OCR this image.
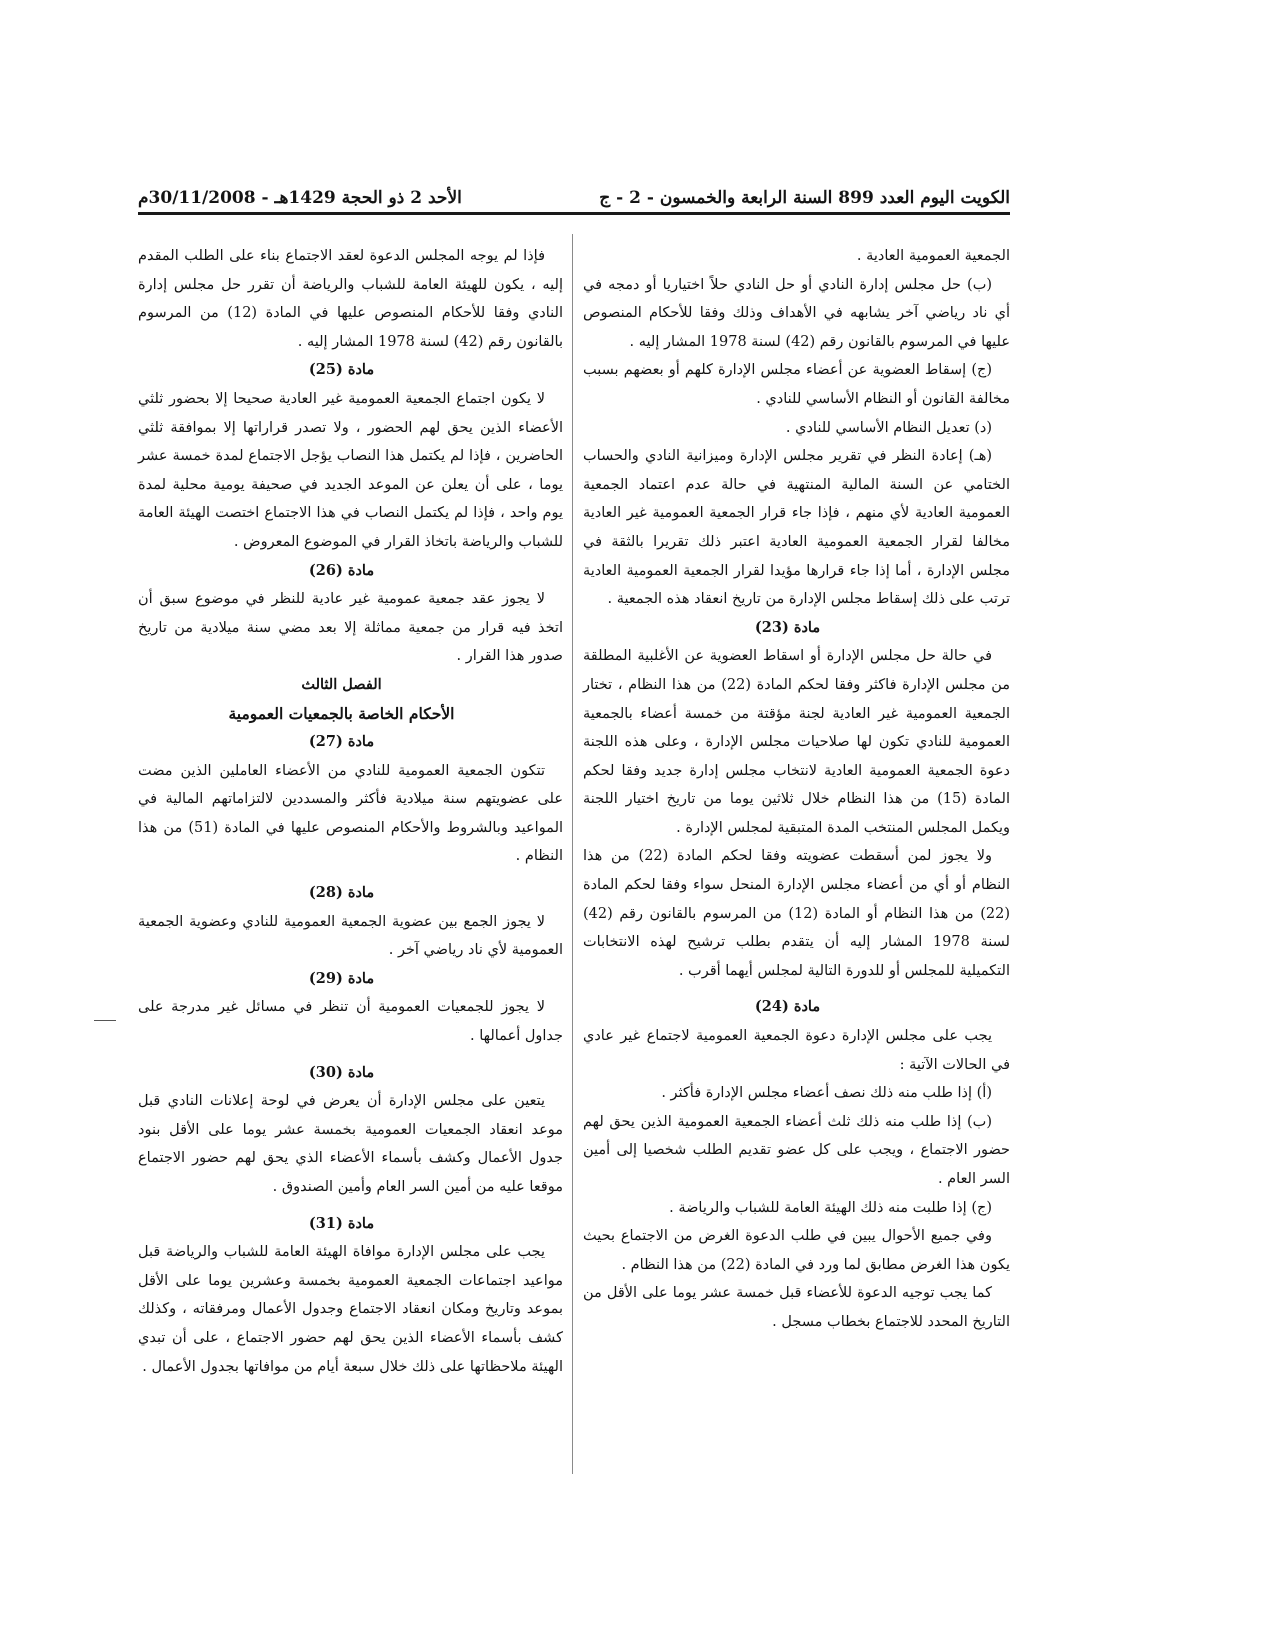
الكويت اليوم العدد 899 السنة الرابعة والخمسون - 2 - ج
الأحد 2 ذو الحجة 1429هـ - 30/11/2008م

الجمعية العمومية العادية .

(ب) حل مجلس إدارة النادي أو حل النادي حلاً اختياريا أو دمجه في أي ناد رياضي آخر يشابهه في الأهداف وذلك وفقا للأحكام المنصوص عليها في المرسوم بالقانون رقم (42) لسنة 1978 المشار إليه .

(ج) إسقاط العضوية عن أعضاء مجلس الإدارة كلهم أو بعضهم بسبب مخالفة القانون أو النظام الأساسي للنادي .

(د) تعديل النظام الأساسي للنادي .

(هـ) إعادة النظر في تقرير مجلس الإدارة وميزانية النادي والحساب الختامي عن السنة المالية المنتهية في حالة عدم اعتماد الجمعية العمومية العادية لأي منهم ، فإذا جاء قرار الجمعية العمومية غير العادية مخالفا لقرار الجمعية العمومية العادية اعتبر ذلك تقريرا بالثقة في مجلس الإدارة ، أما إذا جاء قرارها مؤيدا لقرار الجمعية العمومية العادية ترتب على ذلك إسقاط مجلس الإدارة من تاريخ انعقاد هذه الجمعية .

مادة (23)

في حالة حل مجلس الإدارة أو اسقاط العضوية عن الأغلبية المطلقة من مجلس الإدارة فاكثر وفقا لحكم المادة (22) من هذا النظام ، تختار الجمعية العمومية غير العادية لجنة مؤقتة من خمسة أعضاء بالجمعية العمومية للنادي تكون لها صلاحيات مجلس الإدارة ، وعلى هذه اللجنة دعوة الجمعية العمومية العادية لانتخاب مجلس إدارة جديد وفقا لحكم المادة (15) من هذا النظام خلال ثلاثين يوما من تاريخ اختيار اللجنة ويكمل المجلس المنتخب المدة المتبقية لمجلس الإدارة .

ولا يجوز لمن أسقطت عضويته وفقا لحكم المادة (22) من هذا النظام أو أي من أعضاء مجلس الإدارة المنحل سواء وفقا لحكم المادة (22) من هذا النظام أو المادة (12) من المرسوم بالقانون رقم (42) لسنة 1978 المشار إليه أن يتقدم بطلب ترشيح لهذه الانتخابات التكميلية للمجلس أو للدورة التالية لمجلس أيهما أقرب .

مادة (24)

يجب على مجلس الإدارة دعوة الجمعية العمومية لاجتماع غير عادي في الحالات الآتية :

(أ) إذا طلب منه ذلك نصف أعضاء مجلس الإدارة فأكثر .

(ب) إذا طلب منه ذلك ثلث أعضاء الجمعية العمومية الذين يحق لهم حضور الاجتماع ، ويجب على كل عضو تقديم الطلب شخصيا إلى أمين السر العام .

(ج) إذا طلبت منه ذلك الهيئة العامة للشباب والرياضة .

وفي جميع الأحوال يبين في طلب الدعوة الغرض من الاجتماع بحيث يكون هذا الغرض مطابق لما ورد في المادة (22) من هذا النظام .

كما يجب توجيه الدعوة للأعضاء قبل خمسة عشر يوما على الأقل من التاريخ المحدد للاجتماع بخطاب مسجل .

فإذا لم يوجه المجلس الدعوة لعقد الاجتماع بناء على الطلب المقدم إليه ، يكون للهيئة العامة للشباب والرياضة أن تقرر حل مجلس إدارة النادي وفقا للأحكام المنصوص عليها في المادة (12) من المرسوم بالقانون رقم (42) لسنة 1978 المشار إليه .

مادة (25)

لا يكون اجتماع الجمعية العمومية غير العادية صحيحا إلا بحضور ثلثي الأعضاء الذين يحق لهم الحضور ، ولا تصدر قراراتها إلا بموافقة ثلثي الحاضرين ، فإذا لم يكتمل هذا النصاب يؤجل الاجتماع لمدة خمسة عشر يوما ، على أن يعلن عن الموعد الجديد في صحيفة يومية محلية لمدة يوم واحد ، فإذا لم يكتمل النصاب في هذا الاجتماع اختصت الهيئة العامة للشباب والرياضة باتخاذ القرار في الموضوع المعروض .

مادة (26)

لا يجوز عقد جمعية عمومية غير عادية للنظر في موضوع سبق أن اتخذ فيه قرار من جمعية مماثلة إلا بعد مضي سنة ميلادية من تاريخ صدور هذا القرار .

الفصل الثالث

الأحكام الخاصة بالجمعيات العمومية

مادة (27)

تتكون الجمعية العمومية للنادي من الأعضاء العاملين الذين مضت على عضويتهم سنة ميلادية فأكثر والمسددين لالتزاماتهم المالية في المواعيد وبالشروط والأحكام المنصوص عليها في المادة (51) من هذا النظام .

مادة (28)

لا يجوز الجمع بين عضوية الجمعية العمومية للنادي وعضوية الجمعية العمومية لأي ناد رياضي آخر .

مادة (29)

لا يجوز للجمعيات العمومية أن تنظر في مسائل غير مدرجة على جداول أعمالها .

مادة (30)

يتعين على مجلس الإدارة أن يعرض في لوحة إعلانات النادي قبل موعد انعقاد الجمعيات العمومية بخمسة عشر يوما على الأقل بنود جدول الأعمال وكشف بأسماء الأعضاء الذي يحق لهم حضور الاجتماع موقعا عليه من أمين السر العام وأمين الصندوق .

مادة (31)

يجب على مجلس الإدارة موافاة الهيئة العامة للشباب والرياضة قبل مواعيد اجتماعات الجمعية العمومية بخمسة وعشرين يوما على الأقل بموعد وتاريخ ومكان انعقاد الاجتماع وجدول الأعمال ومرفقاته ، وكذلك كشف بأسماء الأعضاء الذين يحق لهم حضور الاجتماع ، على أن تبدي الهيئة ملاحظاتها على ذلك خلال سبعة أيام من موافاتها بجدول الأعمال .
